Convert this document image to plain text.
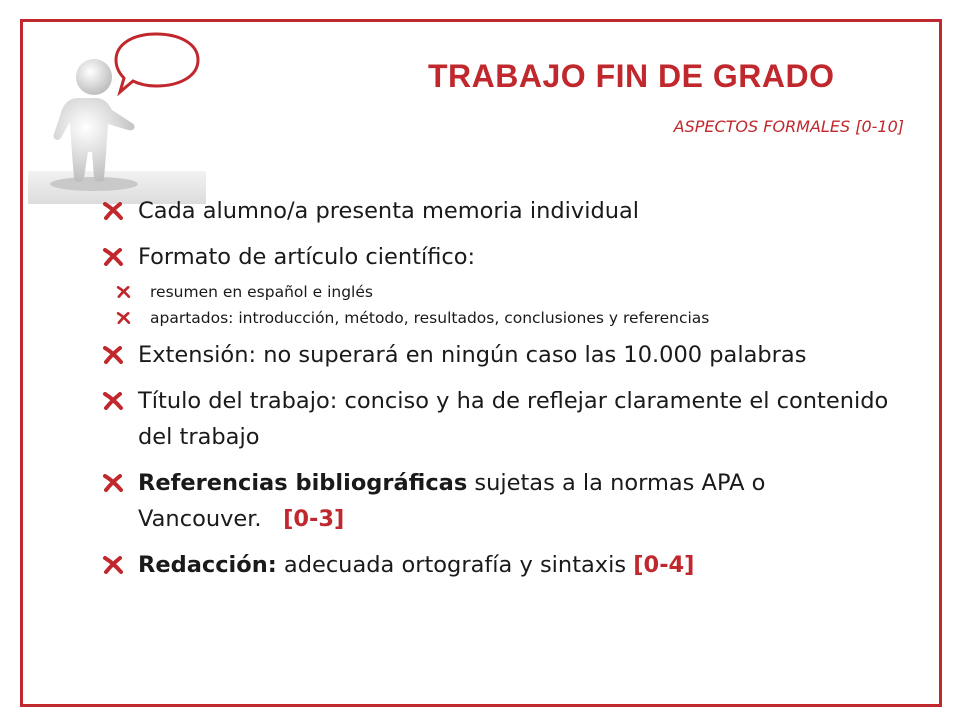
TRABAJO FIN DE GRADO
ASPECTOS FORMALES [0-10]
Cada alumno/a presenta memoria individual
Formato de artículo científico:
resumen en español e inglés
apartados: introducción, método, resultados, conclusiones y referencias
Extensión: no superará en ningún caso las 10.000 palabras
Título del trabajo: conciso y ha de reflejar claramente el contenido del trabajo
Referencias bibliográficas sujetas a la normas APA o Vancouver. [0-3]
Redacción: adecuada ortografía y sintaxis [0-4]
